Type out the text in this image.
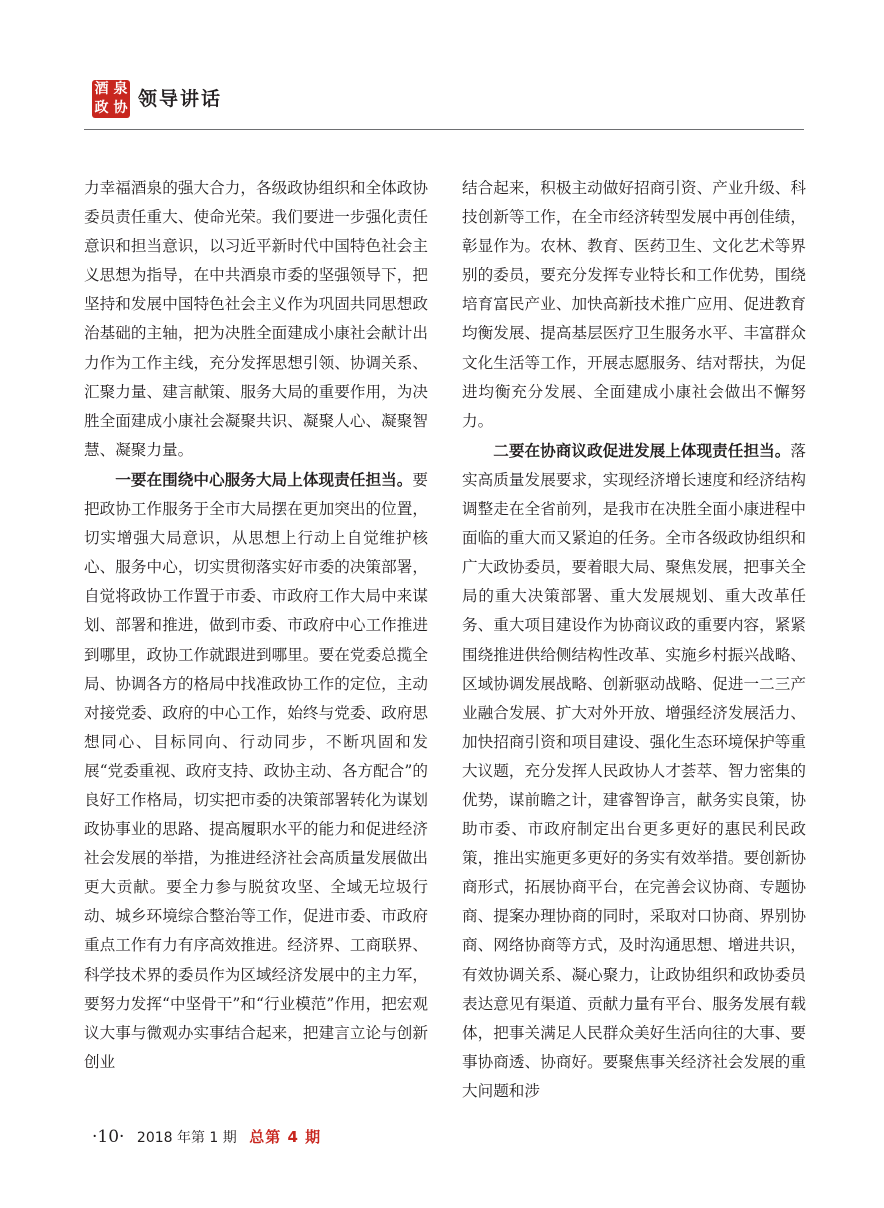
酒 泉
政 协 领导讲话

力幸福酒泉的强大合力，各级政协组织和全体政协委员责任重大、使命光荣。我们要进一步强化责任意识和担当意识，以习近平新时代中国特色社会主义思想为指导，在中共酒泉市委的坚强领导下，把坚持和发展中国特色社会主义作为巩固共同思想政治基础的主轴，把为决胜全面建成小康社会献计出力作为工作主线，充分发挥思想引领、协调关系、汇聚力量、建言献策、服务大局的重要作用，为决胜全面建成小康社会凝聚共识、凝聚人心、凝聚智慧、凝聚力量。

一要在围绕中心服务大局上体现责任担当。要把政协工作服务于全市大局摆在更加突出的位置，切实增强大局意识，从思想上行动上自觉维护核心、服务中心，切实贯彻落实好市委的决策部署，自觉将政协工作置于市委、市政府工作大局中来谋划、部署和推进，做到市委、市政府中心工作推进到哪里，政协工作就跟进到哪里。要在党委总揽全局、协调各方的格局中找准政协工作的定位，主动对接党委、政府的中心工作，始终与党委、政府思想同心、目标同向、行动同步，不断巩固和发展“党委重视、政府支持、政协主动、各方配合”的良好工作格局，切实把市委的决策部署转化为谋划政协事业的思路、提高履职水平的能力和促进经济社会发展的举措，为推进经济社会高质量发展做出更大贡献。要全力参与脱贫攻坚、全域无垃圾行动、城乡环境综合整治等工作，促进市委、市政府重点工作有力有序高效推进。经济界、工商联界、科学技术界的委员作为区域经济发展中的主力军，要努力发挥“中坚骨干”和“行业模范”作用，把宏观议大事与微观办实事结合起来，把建言立论与创新创业

结合起来，积极主动做好招商引资、产业升级、科技创新等工作，在全市经济转型发展中再创佳绩，彰显作为。农林、教育、医药卫生、文化艺术等界别的委员，要充分发挥专业特长和工作优势，围绕培育富民产业、加快高新技术推广应用、促进教育均衡发展、提高基层医疗卫生服务水平、丰富群众文化生活等工作，开展志愿服务、结对帮扶，为促进均衡充分发展、全面建成小康社会做出不懈努力。

二要在协商议政促进发展上体现责任担当。落实高质量发展要求，实现经济增长速度和经济结构调整走在全省前列，是我市在决胜全面小康进程中面临的重大而又紧迫的任务。全市各级政协组织和广大政协委员，要着眼大局、聚焦发展，把事关全局的重大决策部署、重大发展规划、重大改革任务、重大项目建设作为协商议政的重要内容，紧紧围绕推进供给侧结构性改革、实施乡村振兴战略、区域协调发展战略、创新驱动战略、促进一二三产业融合发展、扩大对外开放、增强经济发展活力、加快招商引资和项目建设、强化生态环境保护等重大议题，充分发挥人民政协人才荟萃、智力密集的优势，谋前瞻之计，建睿智诤言，献务实良策，协助市委、市政府制定出台更多更好的惠民利民政策，推出实施更多更好的务实有效举措。要创新协商形式，拓展协商平台，在完善会议协商、专题协商、提案办理协商的同时，采取对口协商、界别协商、网络协商等方式，及时沟通思想、增进共识，有效协调关系、凝心聚力，让政协组织和政协委员表达意见有渠道、贡献力量有平台、服务发展有载体，把事关满足人民群众美好生活向往的大事、要事协商透、协商好。要聚焦事关经济社会发展的重大问题和涉

·10· 2018 年第 1 期 总第 4 期
